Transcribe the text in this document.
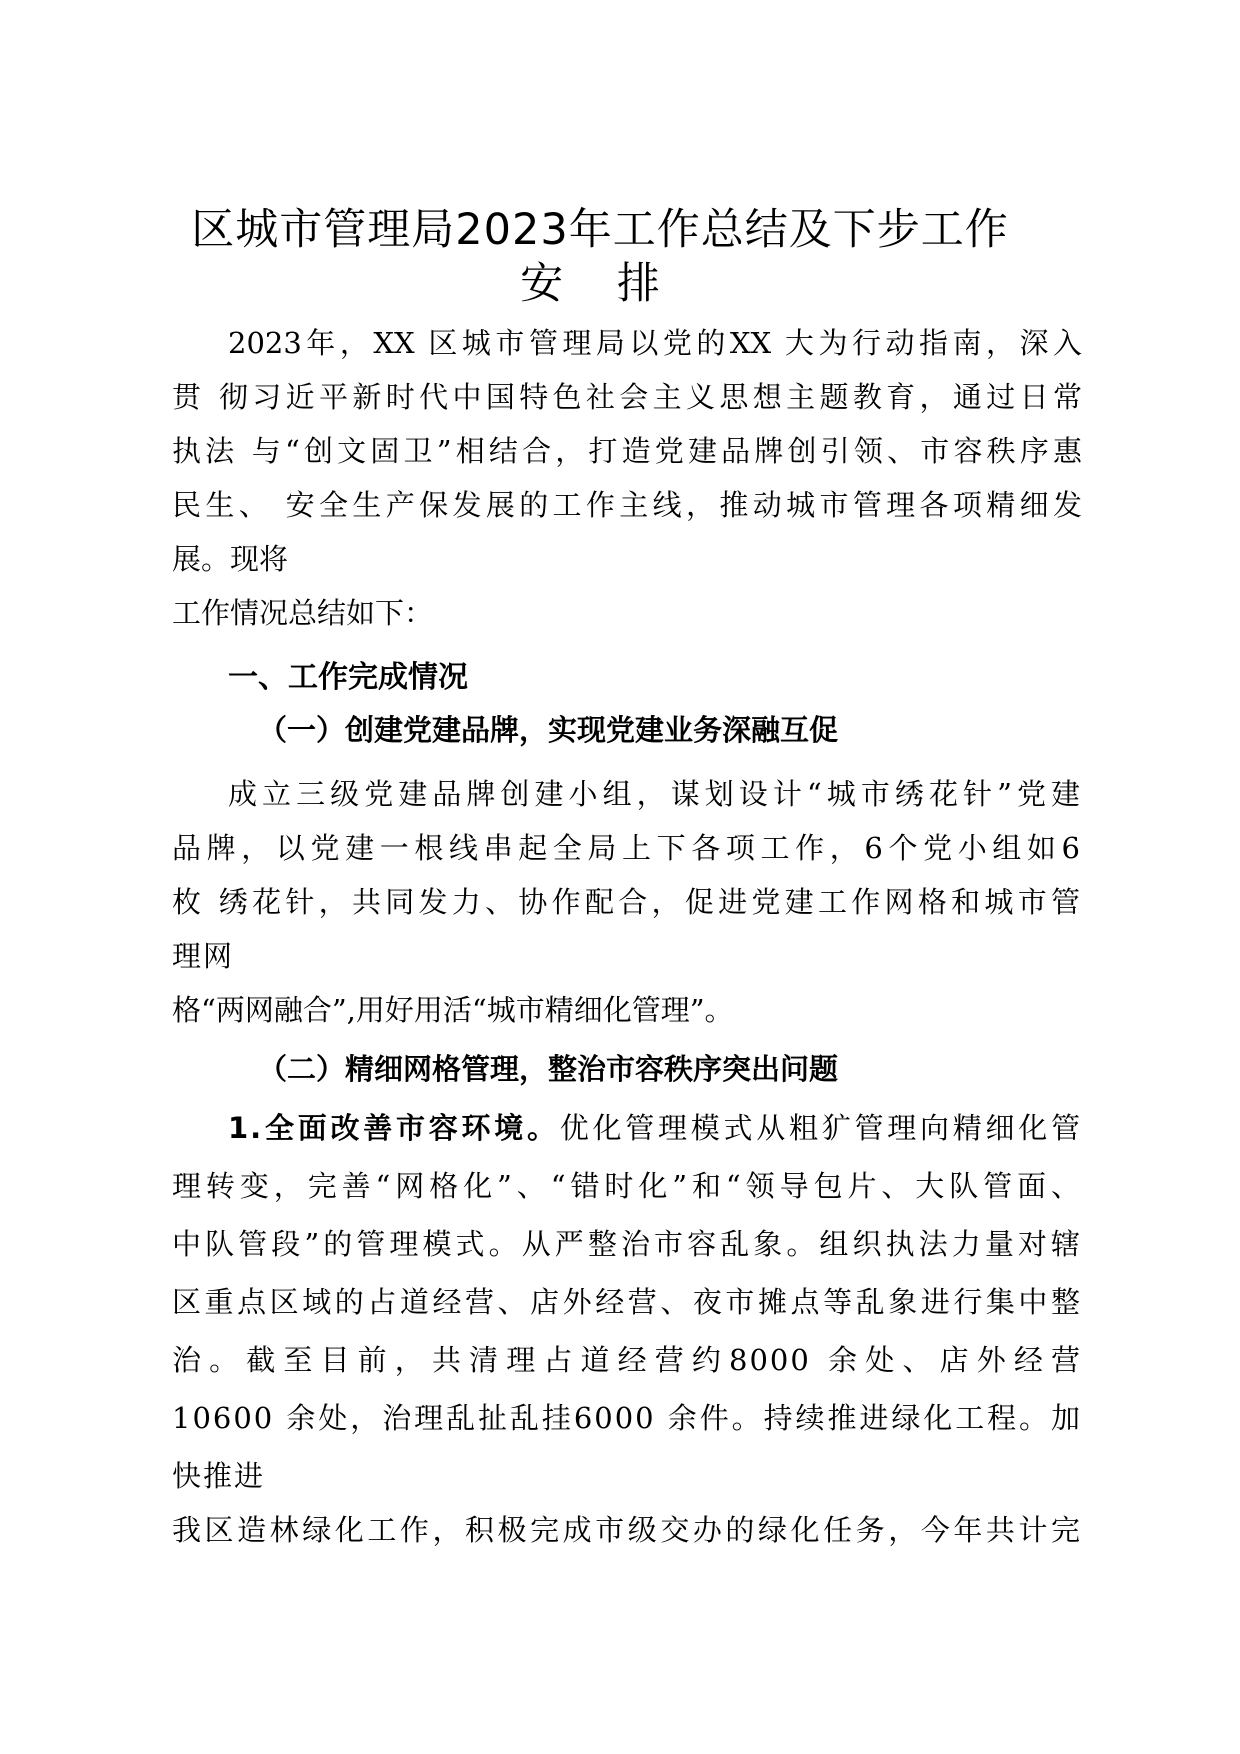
区城市管理局2023年工作总结及下步工作
安 排
2023年，XX 区城市管理局以党的XX 大为行动指南，深入
贯 彻习近平新时代中国特色社会主义思想主题教育，通过日常
执法 与“创文固卫”相结合，打造党建品牌创引领、市容秩序惠
民生、 安全生产保发展的工作主线，推动城市管理各项精细发
展。现将
工作情况总结如下：
一、工作完成情况
（一）创建党建品牌，实现党建业务深融互促
成立三级党建品牌创建小组，谋划设计“城市绣花针”党建
品牌，以党建一根线串起全局上下各项工作，6个党小组如6
枚 绣花针，共同发力、协作配合，促进党建工作网格和城市管
理网
格“两网融合”,用好用活“城市精细化管理”。
（二）精细网格管理，整治市容秩序突出问题
1.全面改善市容环境。优化管理模式从粗犷管理向精细化管
理转变，完善“网格化”、“错时化”和“领导包片、大队管面、
中队管段”的管理模式。从严整治市容乱象。组织执法力量对辖
区重点区域的占道经营、店外经营、夜市摊点等乱象进行集中整
治。截至目前，共清理占道经营约8000 余处、店外经营
10600 余处，治理乱扯乱挂6000 余件。持续推进绿化工程。加
快推进
我区造林绿化工作，积极完成市级交办的绿化任务，今年共计完
